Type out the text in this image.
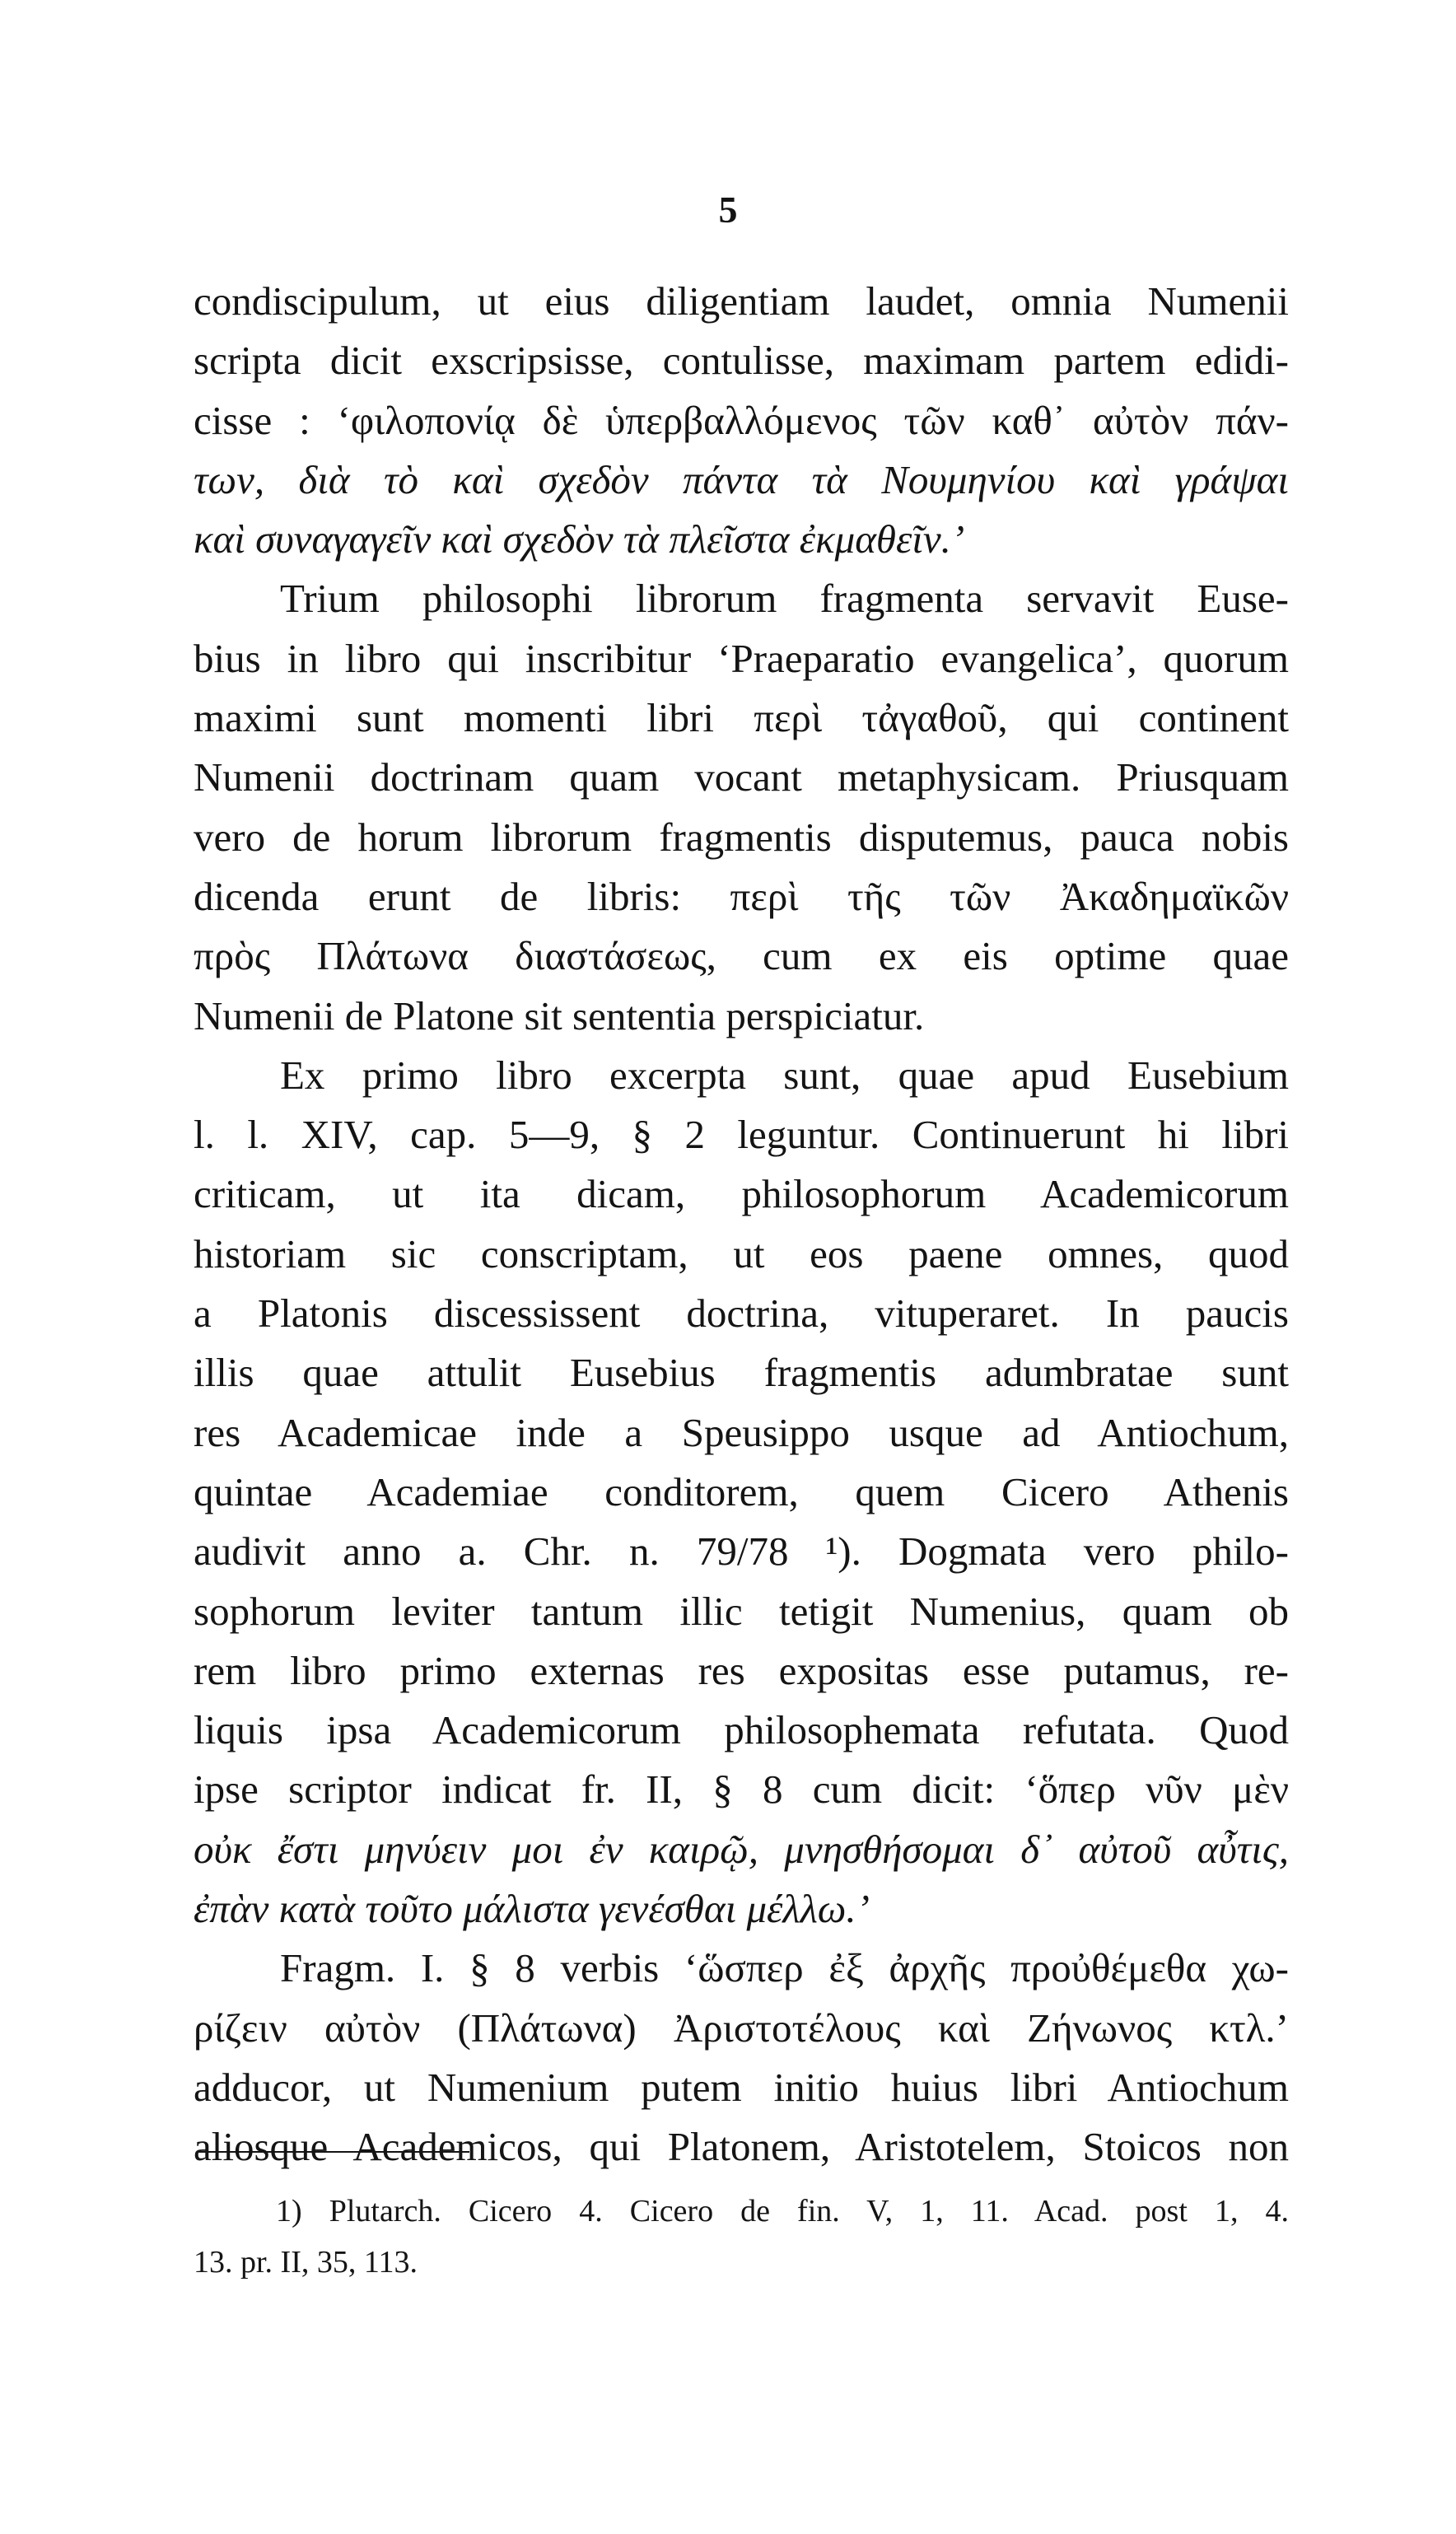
5
condiscipulum, ut eius diligentiam laudet, omnia Numenii
scripta dicit exscripsisse, contulisse, maximam partem edidi-
cisse : ‘φιλοπονίᾳ δὲ ὑπερβαλλόμενος τῶν καθ᾽ αὐτὸν πάν-
των, διὰ τὸ καὶ σχεδὸν πάντα τὰ Νουμηνίου καὶ γράψαι
καὶ συναγαγεῖν καὶ σχεδὸν τὰ πλεῖστα ἐκμαθεῖν.’
Trium philosophi librorum fragmenta servavit Euse-
bius in libro qui inscribitur ‘Praeparatio evangelica’, quorum
maximi sunt momenti libri περὶ τἀγαθοῦ, qui continent
Numenii doctrinam quam vocant metaphysicam. Priusquam
vero de horum librorum fragmentis disputemus, pauca nobis
dicenda erunt de libris: περὶ τῆς τῶν Ἀκαδημαϊκῶν
πρὸς Πλάτωνα διαστάσεως, cum ex eis optime quae
Numenii de Platone sit sententia perspiciatur.
Ex primo libro excerpta sunt, quae apud Eusebium
l. l. XIV, cap. 5—9, § 2 leguntur. Continuerunt hi libri
criticam, ut ita dicam, philosophorum Academicorum
historiam sic conscriptam, ut eos paene omnes, quod
a Platonis discessissent doctrina, vituperaret. In paucis
illis quae attulit Eusebius fragmentis adumbratae sunt
res Academicae inde a Speusippo usque ad Antiochum,
quintae Academiae conditorem, quem Cicero Athenis
audivit anno a. Chr. n. 79/78 ¹). Dogmata vero philo-
sophorum leviter tantum illic tetigit Numenius, quam ob
rem libro primo externas res expositas esse putamus, re-
liquis ipsa Academicorum philosophemata refutata. Quod
ipse scriptor indicat fr. II, § 8 cum dicit: ‘ὅπερ νῦν μὲν
οὐκ ἔστι μηνύειν μοι ἐν καιρῷ, μνησθήσομαι δ᾽ αὐτοῦ αὖτις,
ἐπὰν κατὰ τοῦτο μάλιστα γενέσθαι μέλλω.’
Fragm. I. § 8 verbis ‘ὥσπερ ἐξ ἀρχῆς προὐθέμεθα χω-
ρίζειν αὐτὸν (Πλάτωνα) Ἀριστοτέλους καὶ Ζήνωνος κτλ.’
adducor, ut Numenium putem initio huius libri Antiochum
aliosque Academicos, qui Platonem, Aristotelem, Stoicos non
1) Plutarch. Cicero 4. Cicero de fin. V, 1, 11. Acad. post 1, 4.
13. pr. II, 35, 113.
